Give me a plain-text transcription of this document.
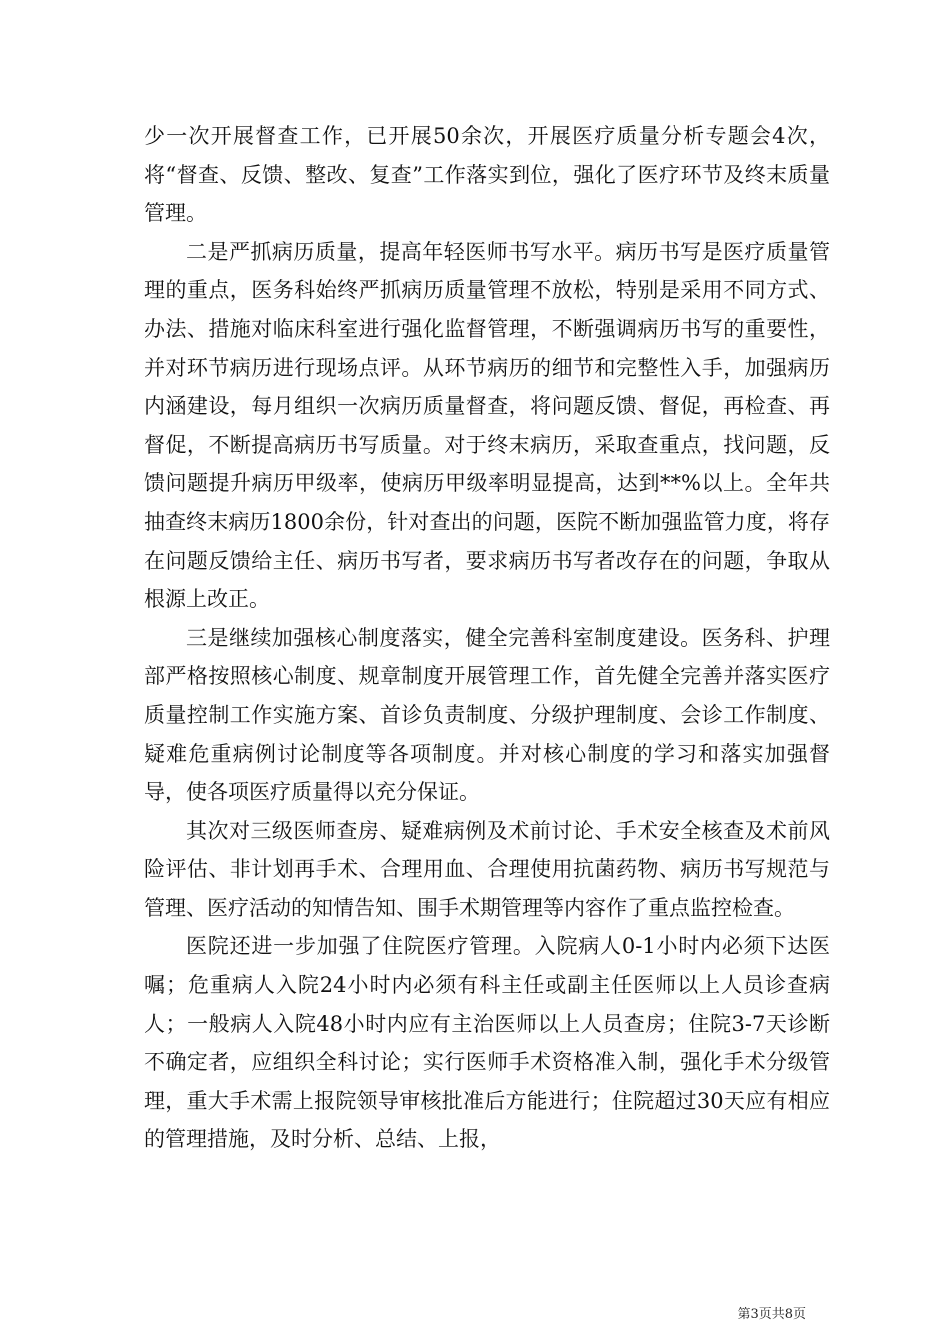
少一次开展督查工作，已开展50余次，开展医疗质量分析专题会4次，将“督查、反馈、整改、复查”工作落实到位，强化了医疗环节及终末质量管理。

二是严抓病历质量，提高年轻医师书写水平。病历书写是医疗质量管理的重点，医务科始终严抓病历质量管理不放松，特别是采用不同方式、办法、措施对临床科室进行强化监督管理，不断强调病历书写的重要性，并对环节病历进行现场点评。从环节病历的细节和完整性入手，加强病历内涵建设，每月组织一次病历质量督查，将问题反馈、督促，再检查、再督促，不断提高病历书写质量。对于终末病历，采取查重点，找问题，反馈问题提升病历甲级率，使病历甲级率明显提高，达到**%以上。全年共抽查终末病历1800余份，针对查出的问题，医院不断加强监管力度，将存在问题反馈给主任、病历书写者，要求病历书写者改存在的问题，争取从根源上改正。

三是继续加强核心制度落实，健全完善科室制度建设。医务科、护理部严格按照核心制度、规章制度开展管理工作，首先健全完善并落实医疗质量控制工作实施方案、首诊负责制度、分级护理制度、会诊工作制度、疑难危重病例讨论制度等各项制度。并对核心制度的学习和落实加强督导，使各项医疗质量得以充分保证。

其次对三级医师查房、疑难病例及术前讨论、手术安全核查及术前风险评估、非计划再手术、合理用血、合理使用抗菌药物、病历书写规范与管理、医疗活动的知情告知、围手术期管理等内容作了重点监控检查。

医院还进一步加强了住院医疗管理。入院病人0-1小时内必须下达医嘱；危重病人入院24小时内必须有科主任或副主任医师以上人员诊查病人；一般病人入院48小时内应有主治医师以上人员查房；住院3-7天诊断不确定者，应组织全科讨论；实行医师手术资格准入制，强化手术分级管理，重大手术需上报院领导审核批准后方能进行；住院超过30天应有相应的管理措施，及时分析、总结、上报，

第3页共8页
